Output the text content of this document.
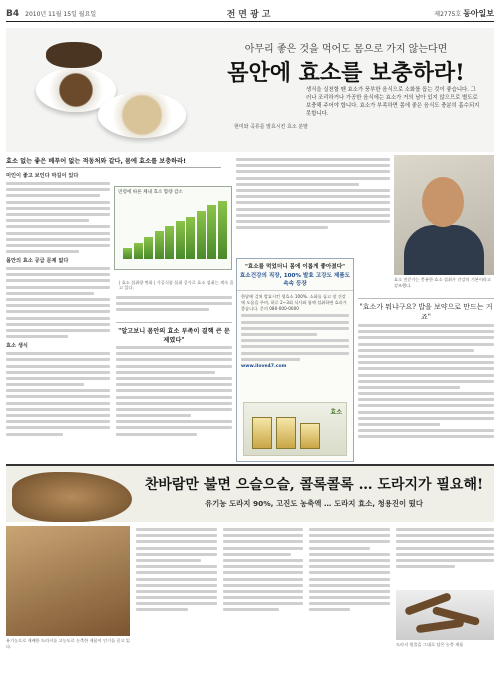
B4 2010년 11월 15일 월요일	전면광고	제2775호 동아일보
아무리 좋은 것을 먹어도 몸으로 가지 않는다면
몸안에 효소를 보충하라!
생식을 실천할 땐 효소가 풍부한 음식으로 소화를 돕는 것이 좋습니다. 그러나 조리하거나 가공한 음식에는 효소가 거의 남아 있지 않으므로 별도로 보충해 주어야 합니다. 효소가 부족하면 몸에 좋은 음식도 충분히 흡수되지 못합니다.
현미와 곡류를 발효시킨 효소 분말
효소 없는 좋은 베푸어 없는 적동처와 같다, 몸에 효소를 보충하라!
미인이 좋고 보인다 막길이 있다
몸안의 효소 공급 문제 없다
효소 생식
연령에 따른 체내 효소 함량 감소
| 효소 섭취량 변화 | 가공식품 섭취 증가로 효소 섭취는 계속 줄고 있다.
"알고보니 몸안의 효소 부족이 결핵 큰 문제였다"
"효소를 먹었더니 몸에 이롭게 좋아졌다"
효소건강의 직장, 100% 발효 고강도 제품도 속속 등장
한달에 걸쳐 발효시킨 생효소 100%. 소화를 돕고 장 건강에 도움을 주며, 하루 2~3회 식사와 함께 섭취하면 효과가 좋습니다. 문의 080-000-0000
www.ilove47.com
효소
효소 전문가는 충분한 효소 섭취가 건강의 기본이라고 강조했다.
"효소가 뭐냐구요? 밥을 보약으로 만드는 거죠"
찬바람만 불면 으슬으슬, 콜록콜록 … 도라지가 필요해!
유기농 도라지 90%, 고진도 농축액 … 도라지 효소, 청용진이 떴다
유기농으로 재배한 도라지를 고농도로 농축한 제품이 인기를 끌고 있다.	도라지 원물을 그대로 담은 농축 제품
